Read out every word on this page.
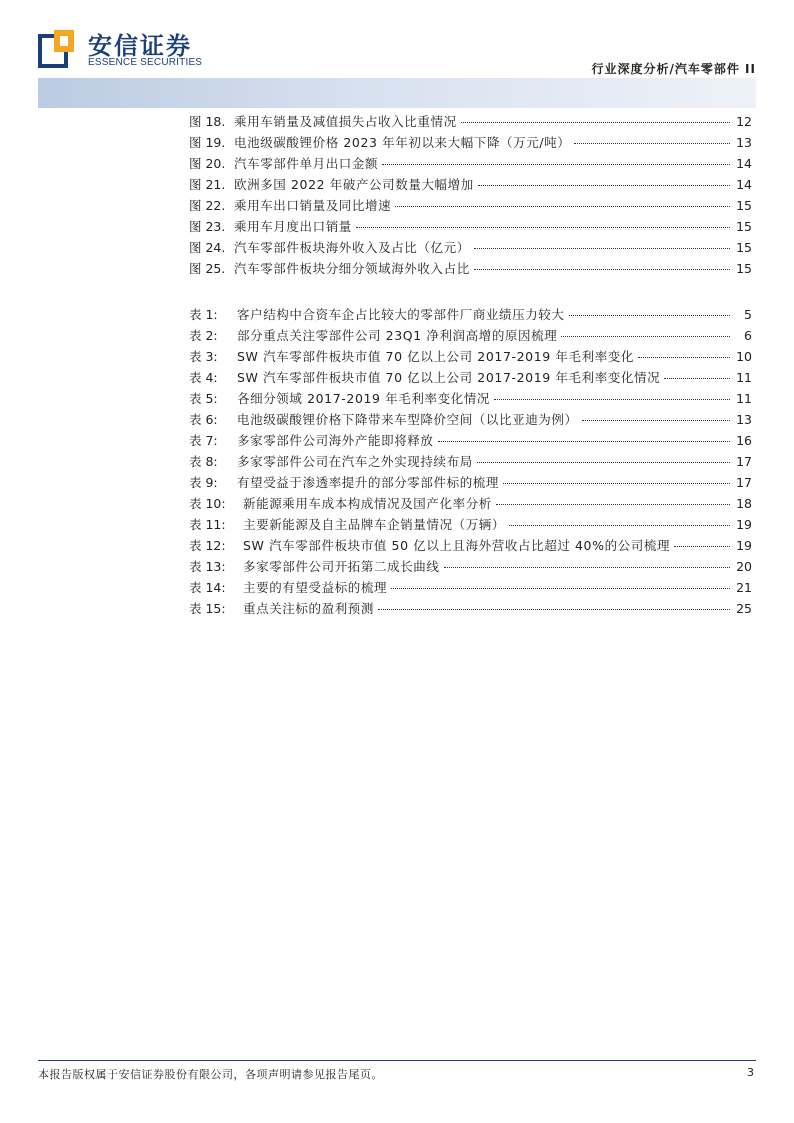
安信证券
ESSENCE SECURITIES	行业深度分析/汽车零部件 II
图 18. 乘用车销量及减值损失占收入比重情况	12
图 19. 电池级碳酸锂价格 2023 年年初以来大幅下降（万元/吨）	13
图 20. 汽车零部件单月出口金额	14
图 21. 欧洲多国 2022 年破产公司数量大幅增加	14
图 22. 乘用车出口销量及同比增速	15
图 23. 乘用车月度出口销量	15
图 24. 汽车零部件板块海外收入及占比（亿元）	15
图 25. 汽车零部件板块分细分领域海外收入占比	15
表 1:	客户结构中合资车企占比较大的零部件厂商业绩压力较大	5
表 2:	部分重点关注零部件公司 23Q1 净利润高增的原因梳理	6
表 3:	SW 汽车零部件板块市值 70 亿以上公司 2017-2019 年毛利率变化	10
表 4:	SW 汽车零部件板块市值 70 亿以上公司 2017-2019 年毛利率变化情况	11
表 5:	各细分领域 2017-2019 年毛利率变化情况	11
表 6:	电池级碳酸锂价格下降带来车型降价空间（以比亚迪为例）	13
表 7:	多家零部件公司海外产能即将释放	16
表 8:	多家零部件公司在汽车之外实现持续布局	17
表 9:	有望受益于渗透率提升的部分零部件标的梳理	17
表 10:	新能源乘用车成本构成情况及国产化率分析	18
表 11:	主要新能源及自主品牌车企销量情况（万辆）	19
表 12:	SW 汽车零部件板块市值 50 亿以上且海外营收占比超过 40%的公司梳理	19
表 13:	多家零部件公司开拓第二成长曲线	20
表 14:	主要的有望受益标的梳理	21
表 15:	重点关注标的盈利预测	25
本报告版权属于安信证券股份有限公司，各项声明请参见报告尾页。	3
